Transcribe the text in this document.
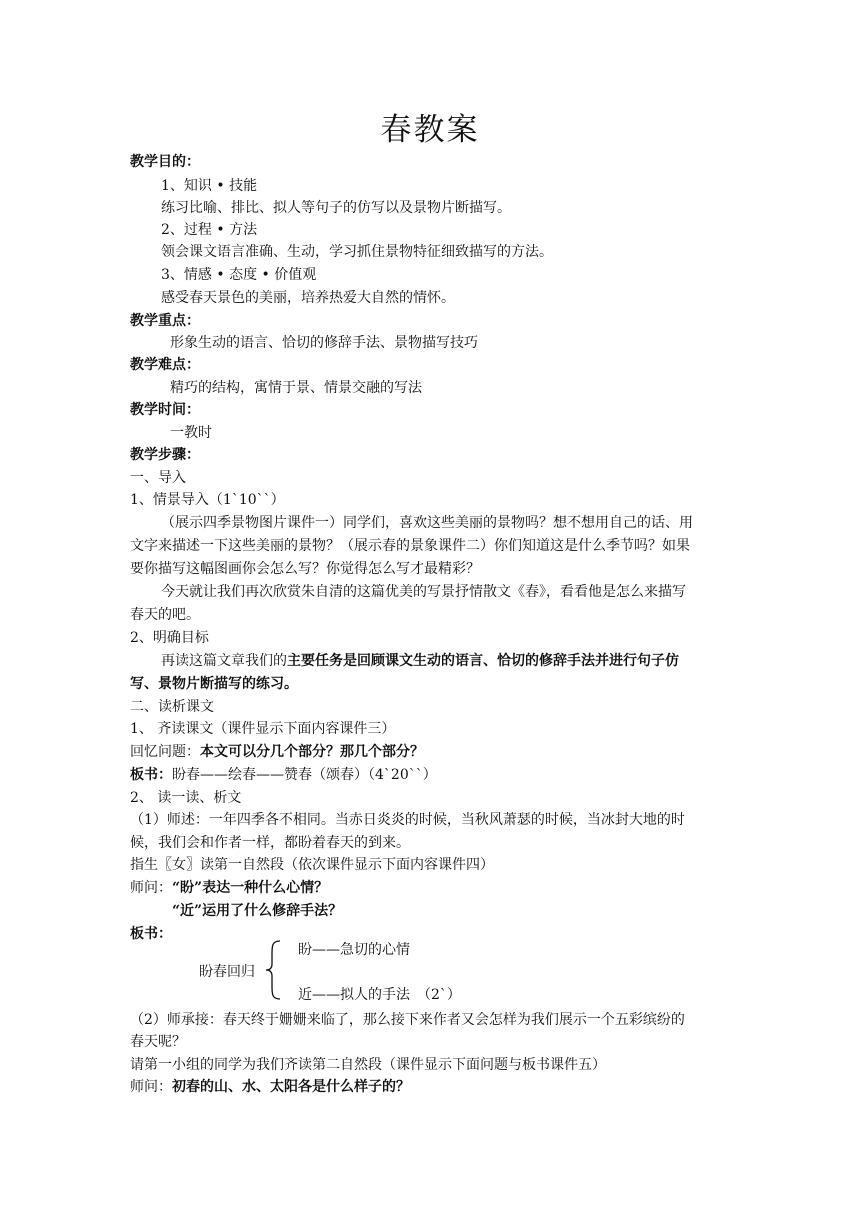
春教案
教学目的：
1、知识 • 技能
练习比喻、排比、拟人等句子的仿写以及景物片断描写。
2、过程 • 方法
领会课文语言准确、生动，学习抓住景物特征细致描写的方法。
3、情感 • 态度 • 价值观
感受春天景色的美丽，培养热爱大自然的情怀。
教学重点：
形象生动的语言、恰切的修辞手法、景物描写技巧
教学难点：
精巧的结构，寓情于景、情景交融的写法
教学时间：
一教时
教学步骤：
一、导入
1、情景导入（1`10``）
（展示四季景物图片课件一）同学们，喜欢这些美丽的景物吗？想不想用自己的话、用
文字来描述一下这些美丽的景物？（展示春的景象课件二）你们知道这是什么季节吗？如果
要你描写这幅图画你会怎么写？你觉得怎么写才最精彩？
今天就让我们再次欣赏朱自清的这篇优美的写景抒情散文《春》，看看他是怎么来描写
春天的吧。
2、明确目标
再读这篇文章我们的主要任务是回顾课文生动的语言、恰切的修辞手法并进行句子仿
写、景物片断描写的练习。
二、读析课文
1、 齐读课文（课件显示下面内容课件三）
回忆问题：本文可以分几个部分？那几个部分？
板书：盼春——绘春——赞春（颂春）（4`20``）
2、 读一读、析文
（1）师述：一年四季各不相同。当赤日炎炎的时候，当秋风萧瑟的时候，当冰封大地的时
候，我们会和作者一样，都盼着春天的到来。
指生〖女〗读第一自然段（依次课件显示下面内容课件四）
师问：“盼”表达一种什么心情？
“近”运用了什么修辞手法？
板书：
盼春回归
盼——急切的心情
近——拟人的手法　（2`）
（2）师承接：春天终于姗姗来临了，那么接下来作者又会怎样为我们展示一个五彩缤纷的
春天呢？
请第一小组的同学为我们齐读第二自然段（课件显示下面问题与板书课件五）
师问：初春的山、水、太阳各是什么样子的？
